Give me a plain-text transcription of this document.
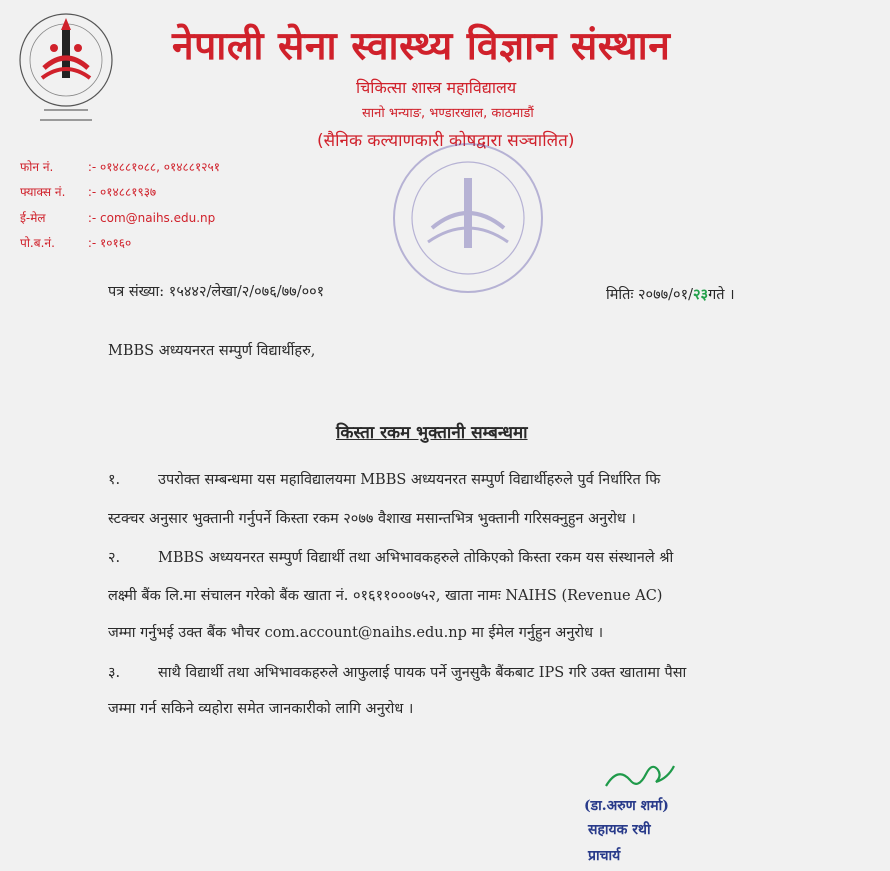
नेपाली सेना स्वास्थ्य विज्ञान संस्थान
चिकित्सा शास्त्र महाविद्यालय
सानो भन्याङ, भण्डारखाल, काठमाडौं
(सैनिक कल्याणकारी कोषद्वारा सञ्चालित)
फोन नं.	:- ०१४८८१०८८, ०१४८८१२५१
फ्याक्स नं. :- ०१४८८१९३७
ई-मेल	:- com@naihs.edu.np
पो.ब.नं.	:- १०१६०
पत्र संख्या: १५४४२/लेखा/२/०७६/७७/००१	मितिः २०७७/०१/२३गते ।
MBBS अध्ययनरत सम्पुर्ण विद्यार्थीहरु,
किस्ता रकम भुक्तानी सम्बन्धमा
१.	उपरोक्त सम्बन्धमा यस महाविद्यालयमा MBBS अध्ययनरत सम्पुर्ण विद्यार्थीहरुले पुर्व निर्धारित फि
स्टक्चर अनुसार भुक्तानी गर्नुपर्ने किस्ता रकम २०७७ वैशाख मसान्तभित्र भुक्तानी गरिसक्नुहुन अनुरोध ।
२.	MBBS अध्ययनरत सम्पुर्ण विद्यार्थी तथा अभिभावकहरुले तोकिएको किस्ता रकम यस संस्थानले श्री
लक्ष्मी बैंक लि.मा संचालन गरेको बैंक खाता नं. ०१६११०००७५२, खाता नामः NAIHS (Revenue AC)
जम्मा गर्नुभई उक्त बैंक भौचर com.account@naihs.edu.np मा ईमेल गर्नुहुन अनुरोध ।
३.	साथै विद्यार्थी तथा अभिभावकहरुले आफुलाई पायक पर्ने जुनसुकै बैंकबाट IPS गरि उक्त खातामा पैसा
जम्मा गर्न सकिने व्यहोरा समेत जानकारीको लागि अनुरोध ।
(डा.अरुण शर्मा)
सहायक रथी
प्राचार्य
